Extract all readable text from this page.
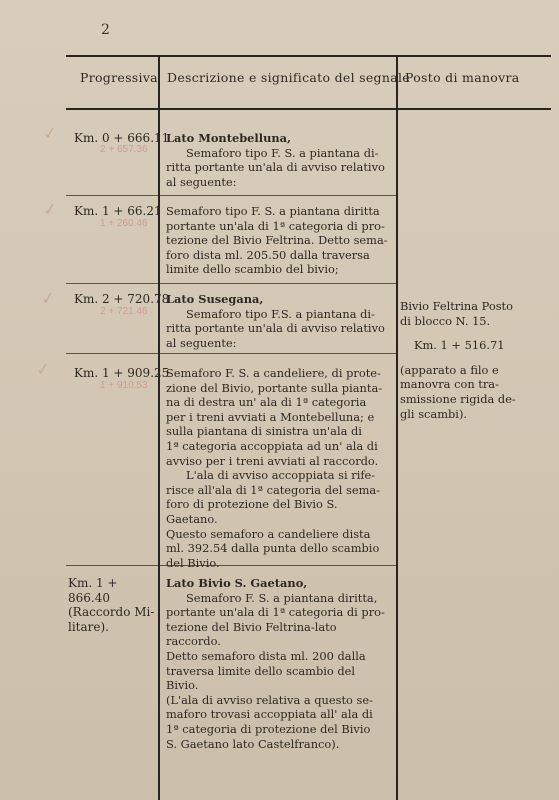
2
Progressiva Descrizione e significato del segnale
Posto di manovra
✓
✓
✓
✓
Km. 0 + 666.11
2 + 657.36

Lato Montebelluna,

Semaforo tipo F. S. a piantana di-

ritta portante un'ala di avviso relativo

al seguente:

Km. 1 + 66.21
1 + 260.46

Semaforo tipo F. S. a piantana diritta

portante un'ala di 1ª categoria di pro-

tezione del Bivio Feltrina. Detto sema-

foro dista ml. 205.50 dalla traversa

limite dello scambio del bivio;

Km. 2 + 720.78
2 + 721.46

Lato Susegana,

Semaforo tipo F.S. a piantana di-

ritta portante un'ala di avviso relativo

al seguente:

Km. 1 + 909.25
1 + 910.53

Semaforo F. S. a candeliere, di prote-

zione del Bivio, portante sulla pianta-

na di destra un' ala di 1ª categoria

per i treni avviati a Montebelluna; e

sulla piantana di sinistra un'ala di

1ª categoria accoppiata ad un' ala di

avviso per i treni avviati al raccordo.

L'ala di avviso accoppiata si rife-

risce all'ala di 1ª categoria del sema-

foro di protezione del Bivio S. Gaetano.

Questo semaforo a candeliere dista

ml. 392.54 dalla punta dello scambio

del Bivio.

Km. 1 + 866.40

(Raccordo Mi-

litare).

Lato Bivio S. Gaetano,

Semaforo F. S. a piantana diritta,

portante un'ala di 1ª categoria di pro-

tezione del Bivio Feltrina-lato raccordo.

Detto semaforo dista ml. 200 dalla

traversa limite dello scambio del Bivio.

(L'ala di avviso relativa a questo se-

maforo trovasi accoppiata all' ala di

1ª categoria di protezione del Bivio

S. Gaetano lato Castelfranco).

Bivio Feltrina Posto

di blocco N. 15.

Km. 1 + 516.71

(apparato a filo e

manovra con tra-

smissione rigida de-

gli scambi).
